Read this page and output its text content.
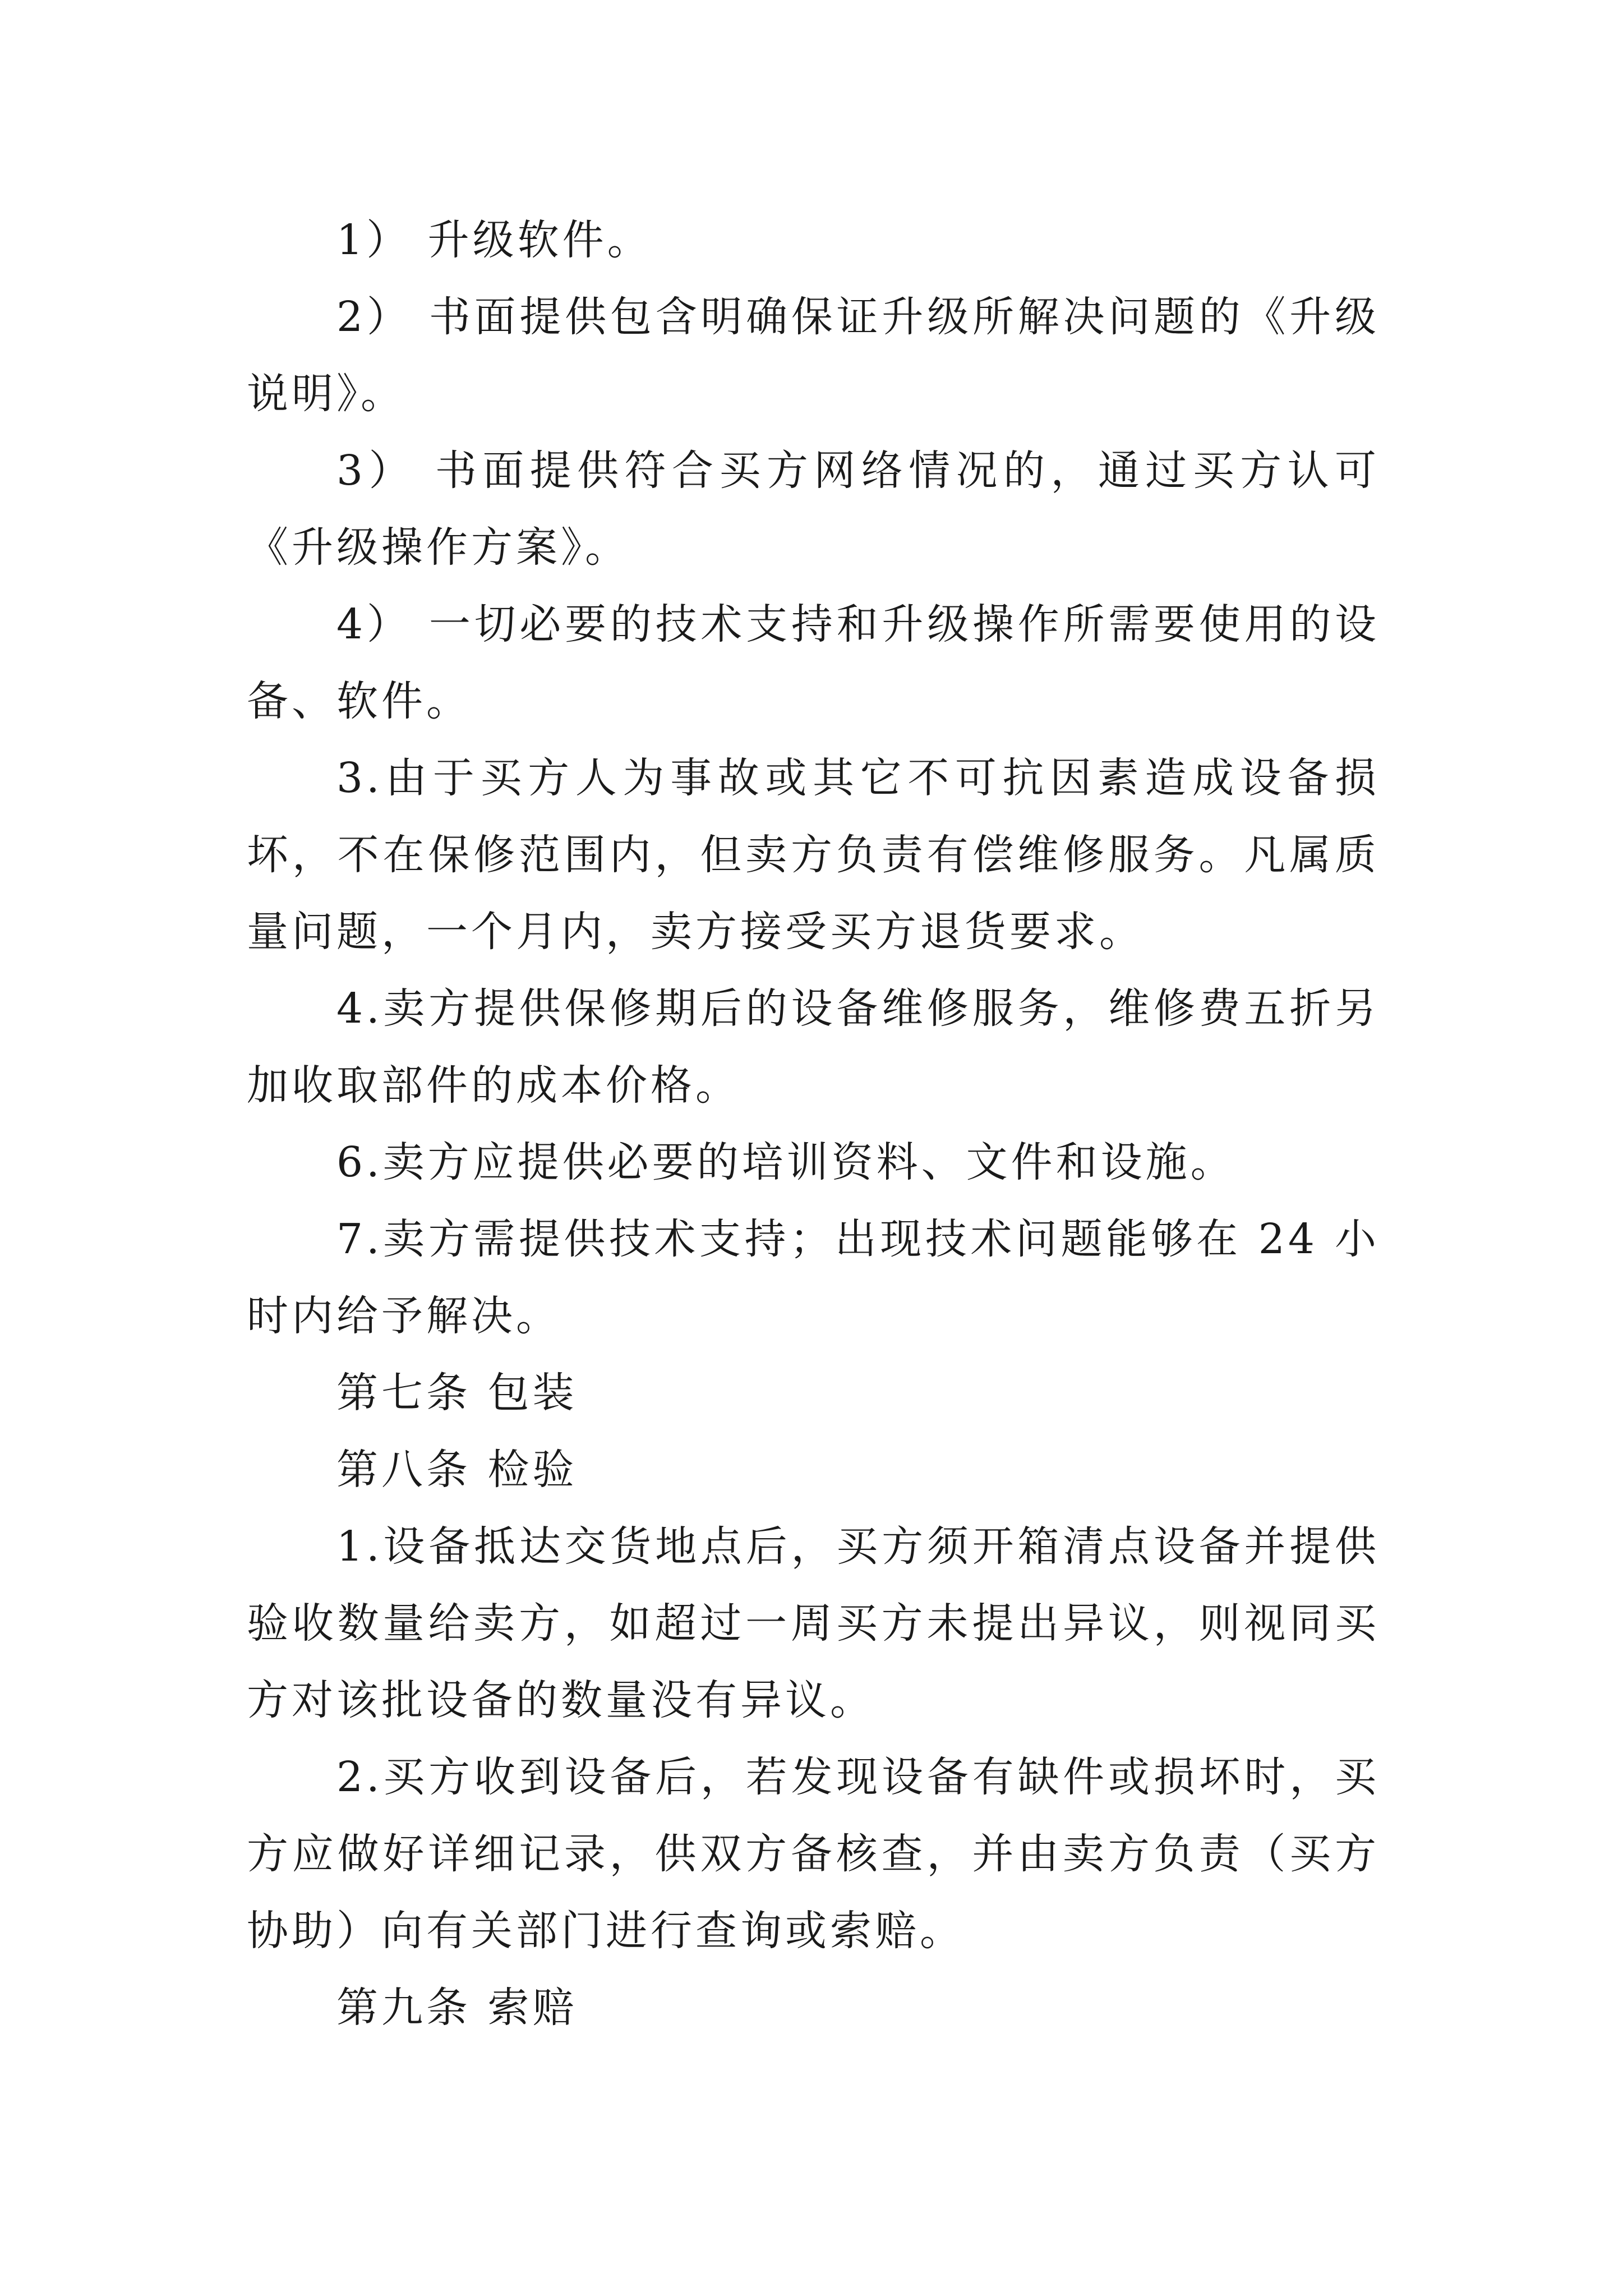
1） 升级软件。

2） 书面提供包含明确保证升级所解决问题的《升级说明》。

3） 书面提供符合买方网络情况的，通过买方认可《升级操作方案》。

4） 一切必要的技术支持和升级操作所需要使用的设备、软件。

3.由于买方人为事故或其它不可抗因素造成设备损坏，不在保修范围内，但卖方负责有偿维修服务。凡属质量问题，一个月内，卖方接受买方退货要求。

4.卖方提供保修期后的设备维修服务，维修费五折另加收取部件的成本价格。

6.卖方应提供必要的培训资料、文件和设施。

7.卖方需提供技术支持；出现技术问题能够在 24 小时内给予解决。

第七条 包装

第八条 检验

1.设备抵达交货地点后，买方须开箱清点设备并提供验收数量给卖方，如超过一周买方未提出异议，则视同买方对该批设备的数量没有异议。

2.买方收到设备后，若发现设备有缺件或损坏时，买方应做好详细记录，供双方备核查，并由卖方负责（买方协助）向有关部门进行查询或索赔。

第九条 索赔
